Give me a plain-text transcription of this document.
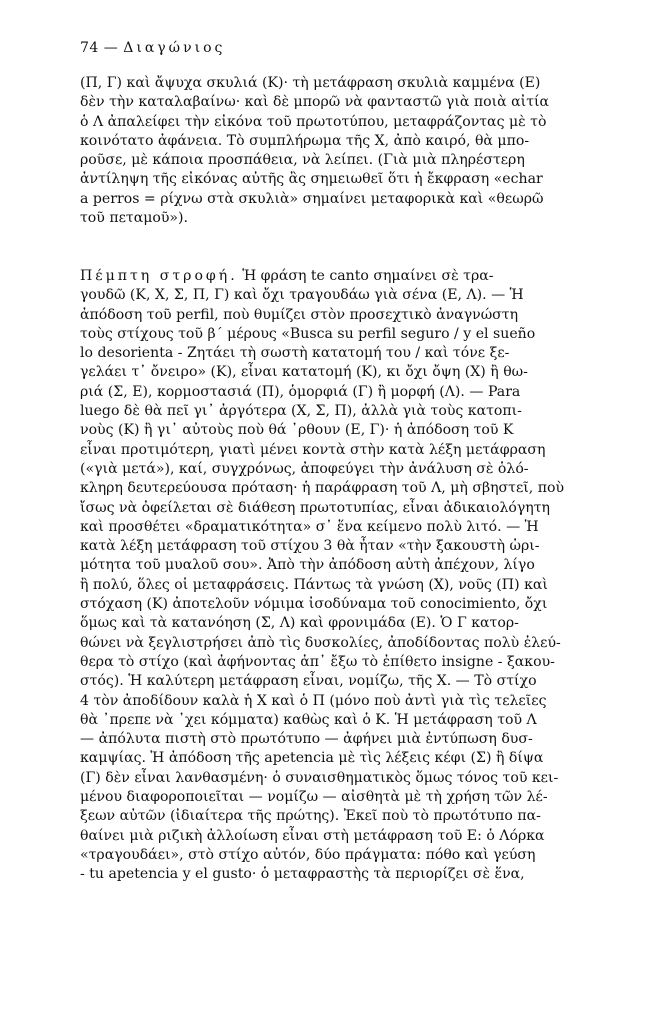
74 — Διαγώνιος
(Π, Γ) καὶ ἄψυχα σκυλιά (Κ)· τὴ μετάφραση σκυλιὰ καμμένα (Ε)
δὲν τὴν καταλαβαίνω· καὶ δὲ μπορῶ νὰ φανταστῶ γιὰ ποιὰ αἰτία
ὁ Λ ἀπαλείφει τὴν εἰκόνα τοῦ πρωτοτύπου, μεταφράζοντας μὲ τὸ
κοινότατο ἀφάνεια. Τὸ συμπλήρωμα τῆς Χ, ἀπὸ καιρό, θὰ μπο-
ροῦσε, μὲ κάποια προσπάθεια, νὰ λείπει. (Γιὰ μιὰ πληρέστερη
ἀντίληψη τῆς εἰκόνας αὐτῆς ἂς σημειωθεῖ ὅτι ἡ ἔκφραση «echar
a perros = ρίχνω στὰ σκυλιὰ» σημαίνει μεταφορικὰ καὶ «θεωρῶ
τοῦ πεταμοῦ»).
Πέμπτη στροφή. Ἡ φράση te canto σημαίνει σὲ τρα-
γουδῶ (Κ, Χ, Σ, Π, Γ) καὶ ὄχι τραγουδάω γιὰ σένα (Ε, Λ). — Ἡ
ἀπόδοση τοῦ perfil, ποὺ θυμίζει στὸν προσεχτικὸ ἀναγνώστη
τοὺς στίχους τοῦ β´ μέρους «Busca su perfil seguro / y el sueño
lo desorienta - Ζητάει τὴ σωστὴ κατατομή του / καὶ τόνε ξε-
γελάει τ᾽ ὄνειρο» (Κ), εἶναι κατατομή (Κ), κι ὄχι ὄψη (Χ) ἢ θω-
ριά (Σ, Ε), κορμοστασιά (Π), ὁμορφιά (Γ) ἢ μορφή (Λ). — Para
luego δὲ θὰ πεῖ γι᾽ ἀργότερα (Χ, Σ, Π), ἀλλὰ γιὰ τοὺς κατοπι-
νοὺς (Κ) ἢ γι᾽ αὐτοὺς ποὺ θά ᾽ρθουν (Ε, Γ)· ἡ ἀπόδοση τοῦ Κ
εἶναι προτιμότερη, γιατὶ μένει κοντὰ στὴν κατὰ λέξη μετάφραση
(«γιὰ μετά»), καί, συγχρόνως, ἀποφεύγει τὴν ἀνάλυση σὲ ὁλό-
κληρη δευτερεύουσα πρόταση· ἡ παράφραση τοῦ Λ, μὴ σβηστεῖ, ποὺ
ἴσως νὰ ὀφείλεται σὲ διάθεση πρωτοτυπίας, εἶναι ἀδικαιολόγητη
καὶ προσθέτει «δραματικότητα» σ᾽ ἕνα κείμενο πολὺ λιτό. — Ἡ
κατὰ λέξη μετάφραση τοῦ στίχου 3 θὰ ἦταν «τὴν ξακουστὴ ὡρι-
μότητα τοῦ μυαλοῦ σου». Ἀπὸ τὴν ἀπόδοση αὐτὴ ἀπέχουν, λίγο
ἢ πολύ, ὅλες οἱ μεταφράσεις. Πάντως τὰ γνώση (Χ), νοῦς (Π) καὶ
στόχαση (Κ) ἀποτελοῦν νόμιμα ἰσοδύναμα τοῦ conocimiento, ὄχι
ὅμως καὶ τὰ κατανόηση (Σ, Λ) καὶ φρονιμάδα (Ε). Ὁ Γ κατορ-
θώνει νὰ ξεγλιστρήσει ἀπὸ τὶς δυσκολίες, ἀποδίδοντας πολὺ ἐλεύ-
θερα τὸ στίχο (καὶ ἀφήνοντας ἀπ᾽ ἔξω τὸ ἐπίθετο insigne - ξακου-
στός). Ἡ καλύτερη μετάφραση εἶναι, νομίζω, τῆς Χ. — Τὸ στίχο
4 τὸν ἀποδίδουν καλὰ ἡ Χ καὶ ὁ Π (μόνο ποὺ ἀντὶ γιὰ τὶς τελεῖες
θὰ ᾽πρεπε νὰ ᾽χει κόμματα) καθὼς καὶ ὁ Κ. Ἡ μετάφραση τοῦ Λ
— ἀπόλυτα πιστὴ στὸ πρωτότυπο — ἀφήνει μιὰ ἐντύπωση δυσ-
καμψίας. Ἡ ἀπόδοση τῆς apetencia μὲ τὶς λέξεις κέφι (Σ) ἢ δίψα
(Γ) δὲν εἶναι λανθασμένη· ὁ συναισθηματικὸς ὅμως τόνος τοῦ κει-
μένου διαφοροποιεῖται — νομίζω — αἰσθητὰ μὲ τὴ χρήση τῶν λέ-
ξεων αὐτῶν (ἰδιαίτερα τῆς πρώτης). Ἐκεῖ ποὺ τὸ πρωτότυπο πα-
θαίνει μιὰ ριζικὴ ἀλλοίωση εἶναι στὴ μετάφραση τοῦ Ε: ὁ Λόρκα
«τραγουδάει», στὸ στίχο αὐτόν, δύο πράγματα: πόθο καὶ γεύση
- tu apetencia y el gusto· ὁ μεταφραστὴς τὰ περιορίζει σὲ ἕνα,
